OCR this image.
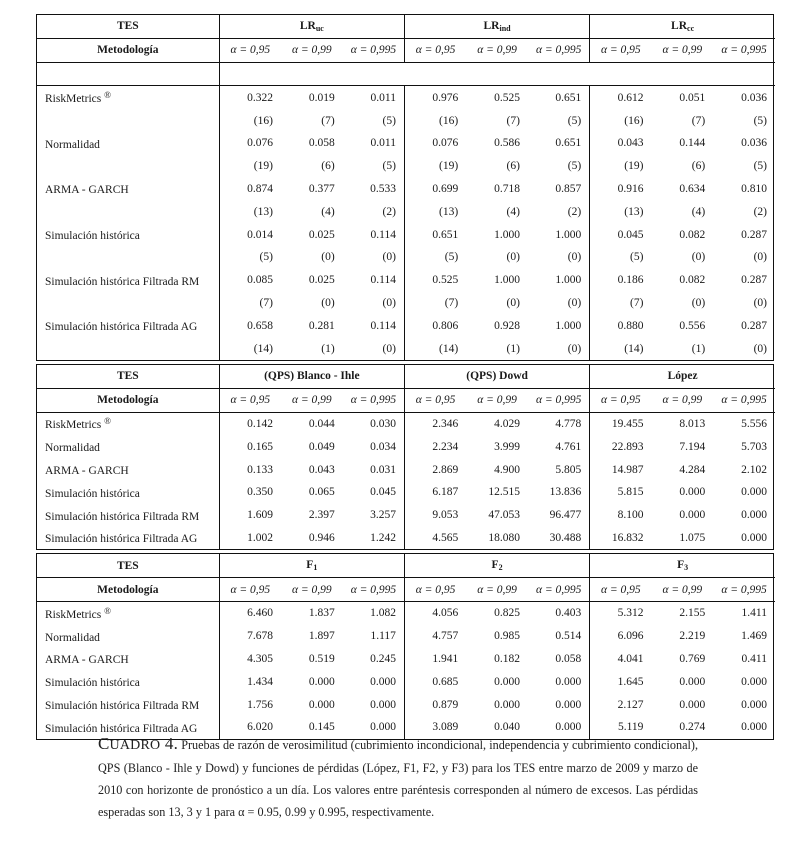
TES	$LR_{uc}$			$LR_{ind}$			$LR_{cc}$
Metodología	α = 0,95	α = 0,99	α = 0,995	α = 0,95	α = 0,99	α = 0,995	α = 0,95	α = 0,99	α = 0,995

RiskMetrics ®	0.322	0.019	0.011	0.976	0.525	0.651	0.612	0.051	0.036
	(16)	(7)	(5)	(16)	(7)	(5)	(16)	(7)	(5)
Normalidad	0.076	0.058	0.011	0.076	0.586	0.651	0.043	0.144	0.036
	(19)	(6)	(5)	(19)	(6)	(5)	(19)	(6)	(5)
ARMA - GARCH	0.874	0.377	0.533	0.699	0.718	0.857	0.916	0.634	0.810
	(13)	(4)	(2)	(13)	(4)	(2)	(13)	(4)	(2)
Simulación histórica	0.014	0.025	0.114	0.651	1.000	1.000	0.045	0.082	0.287
	(5)	(0)	(0)	(5)	(0)	(0)	(5)	(0)	(0)
Simulación histórica Filtrada RM	0.085	0.025	0.114	0.525	1.000	1.000	0.186	0.082	0.287
	(7)	(0)	(0)	(7)	(0)	(0)	(7)	(0)	(0)
Simulación histórica Filtrada AG	0.658	0.281	0.114	0.806	0.928	1.000	0.880	0.556	0.287
	(14)	(1)	(0)	(14)	(1)	(0)	(14)	(1)	(0)
TES	(QPS) Blanco - Ihle			(QPS) Dowd			López		
Metodología	α = 0,95	α = 0,99	α = 0,995	α = 0,95	α = 0,99	α = 0,995	α = 0,95	α = 0,99	α = 0,995
RiskMetrics ®	0.142	0.044	0.030	2.346	4.029	4.778	19.455	8.013	5.556
Normalidad	0.165	0.049	0.034	2.234	3.999	4.761	22.893	7.194	5.703
ARMA - GARCH	0.133	0.043	0.031	2.869	4.900	5.805	14.987	4.284	2.102
Simulación histórica	0.350	0.065	0.045	6.187	12.515	13.836	5.815	0.000	0.000
Simulación histórica Filtrada RM	1.609	2.397	3.257	9.053	47.053	96.477	8.100	0.000	0.000
Simulación histórica Filtrada AG	1.002	0.946	1.242	4.565	18.080	30.488	16.832	1.075	0.000
TES	$F_1$			$F_2$			$F_3$
Metodología	α = 0,95	α = 0,99	α = 0,995	α = 0,95	α = 0,99	α = 0,995	α = 0,95	α = 0,99	α = 0,995
RiskMetrics ®	6.460	1.837	1.082	4.056	0.825	0.403	5.312	2.155	1.411
Normalidad	7.678	1.897	1.117	4.757	0.985	0.514	6.096	2.219	1.469
ARMA - GARCH	4.305	0.519	0.245	1.941	0.182	0.058	4.041	0.769	0.411
Simulación histórica	1.434	0.000	0.000	0.685	0.000	0.000	1.645	0.000	0.000
Simulación histórica Filtrada RM	1.756	0.000	0.000	0.879	0.000	0.000	2.127	0.000	0.000
Simulación histórica Filtrada AG	6.020	0.145	0.000	3.089	0.040	0.000	5.119	0.274	0.000
CUADRO 4. Pruebas de razón de verosimilitud (cubrimiento incondicional, independencia y cubrimiento condicional), QPS (Blanco - Ihle y Dowd) y funciones de pérdidas (López, F1, F2, y F3) para los TES entre marzo de 2009 y marzo de 2010 con horizonte de pronóstico a un día. Los valores entre paréntesis corresponden al número de excesos. Las pérdidas esperadas son 13, 3 y 1 para α = 0.95, 0.99 y 0.995, respectivamente.
